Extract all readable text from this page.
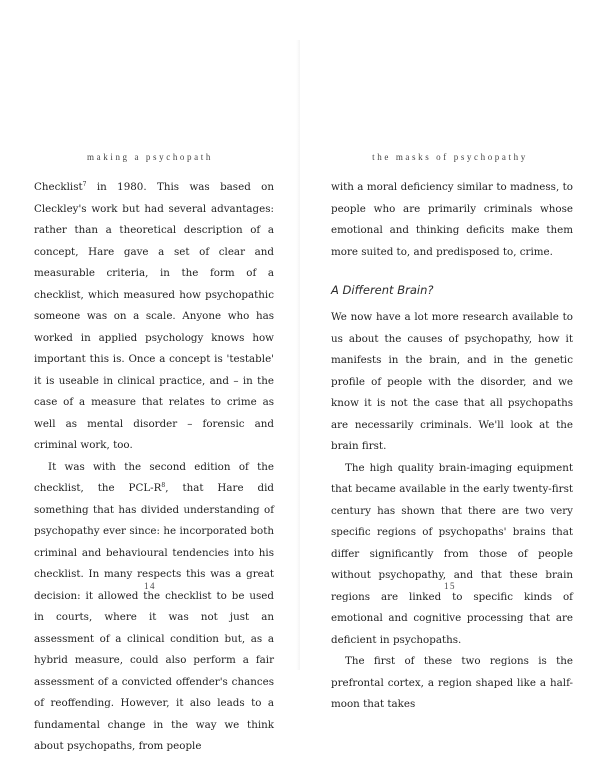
making a psychopath

Checklist$^7$ in 1980. This was based on Cleckley's work but had several advantages: rather than a theoretical description of a concept, Hare gave a set of clear and measurable criteria, in the form of a checklist, which measured how psychopathic someone was on a scale. Anyone who has worked in applied psychology knows how important this is. Once a concept is 'testable' it is useable in clinical practice, and – in the case of a measure that relates to crime as well as mental disorder – forensic and criminal work, too.

It was with the second edition of the checklist, the PCL-$R^8$, that Hare did something that has divided understanding of psychopathy ever since: he incorporated both criminal and behavioural tendencies into his checklist. In many respects this was a great decision: it allowed the checklist to be used in courts, where it was not just an assessment of a clinical condition but, as a hybrid measure, could also perform a fair assessment of a convicted offender's chances of reoffending. However, it also leads to a fundamental change in the way we think about psychopaths, from people

14
the masks of psychopathy

with a moral deficiency similar to madness, to people who are primarily criminals whose emotional and thinking deficits make them more suited to, and predisposed to, crime.

A Different Brain?

We now have a lot more research available to us about the causes of psychopathy, how it manifests in the brain, and in the genetic profile of people with the disorder, and we know it is not the case that all psychopaths are necessarily criminals. We'll look at the brain first.

The high quality brain-imaging equipment that became available in the early twenty-first century has shown that there are two very specific regions of psychopaths' brains that differ significantly from those of people without psychopathy, and that these brain regions are linked to specific kinds of emotional and cognitive processing that are deficient in psychopaths.

The first of these two regions is the prefrontal cortex, a region shaped like a half-moon that takes

15
